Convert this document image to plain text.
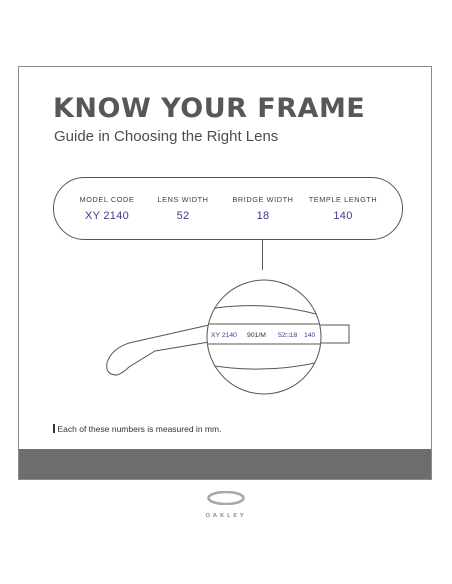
KNOW YOUR FRAME

Guide in Choosing the Right Lens

MODEL CODE
XY 2140
LENS WIDTH
52
BRIDGE WIDTH
18
TEMPLE LENGTH
140
XY 2140 901/M 52□18 140
Each of these numbers is measured in mm.
OAKLEY
